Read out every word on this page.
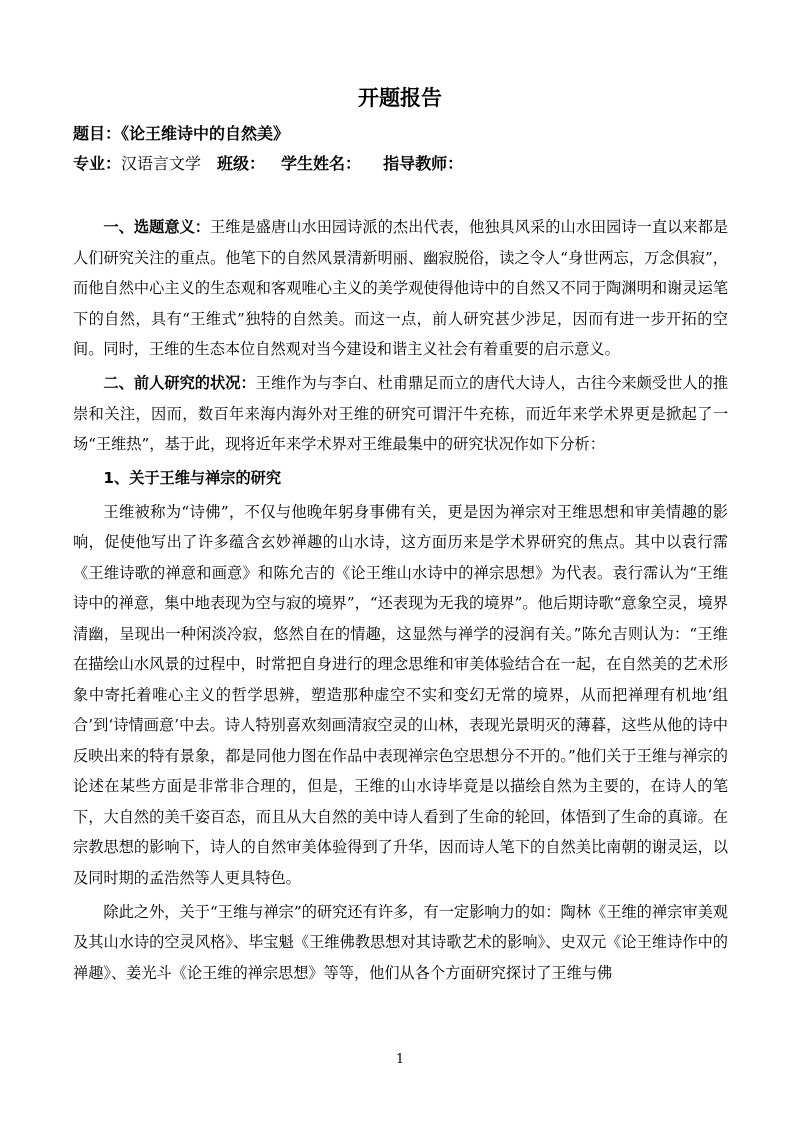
开题报告
题目：《论王维诗中的自然美》
专业：汉语言文学 班级： 学生姓名： 指导教师：

一、选题意义：王维是盛唐山水田园诗派的杰出代表，他独具风采的山水田园诗一直以来都是人们研究关注的重点。他笔下的自然风景清新明丽、幽寂脱俗，读之令人“身世两忘，万念俱寂”，而他自然中心主义的生态观和客观唯心主义的美学观使得他诗中的自然又不同于陶渊明和谢灵运笔下的自然，具有“王维式”独特的自然美。而这一点，前人研究甚少涉足，因而有进一步开拓的空间。同时，王维的生态本位自然观对当今建设和谐主义社会有着重要的启示意义。

二、前人研究的状况：王维作为与李白、杜甫鼎足而立的唐代大诗人，古往今来颇受世人的推崇和关注，因而，数百年来海内海外对王维的研究可谓汗牛充栋，而近年来学术界更是掀起了一场“王维热”，基于此，现将近年来学术界对王维最集中的研究状况作如下分析：

1、关于王维与禅宗的研究

王维被称为“诗佛”，不仅与他晚年躬身事佛有关，更是因为禅宗对王维思想和审美情趣的影响，促使他写出了许多蕴含玄妙禅趣的山水诗，这方面历来是学术界研究的焦点。其中以袁行霈《王维诗歌的禅意和画意》和陈允吉的《论王维山水诗中的禅宗思想》为代表。袁行霈认为“王维诗中的禅意，集中地表现为空与寂的境界”，“还表现为无我的境界”。他后期诗歌“意象空灵，境界清幽，呈现出一种闲淡冷寂，悠然自在的情趣，这显然与禅学的浸润有关。”陈允吉则认为：“王维在描绘山水风景的过程中，时常把自身进行的理念思维和审美体验结合在一起，在自然美的艺术形象中寄托着唯心主义的哲学思辨，塑造那种虚空不实和变幻无常的境界，从而把禅理有机地‘组合’到‘诗情画意’中去。诗人特别喜欢刻画清寂空灵的山林，表现光景明灭的薄暮，这些从他的诗中反映出来的特有景象，都是同他力图在作品中表现禅宗色空思想分不开的。”他们关于王维与禅宗的论述在某些方面是非常非合理的，但是，王维的山水诗毕竟是以描绘自然为主要的，在诗人的笔下，大自然的美千姿百态，而且从大自然的美中诗人看到了生命的轮回，体悟到了生命的真谛。在宗教思想的影响下，诗人的自然审美体验得到了升华，因而诗人笔下的自然美比南朝的谢灵运，以及同时期的孟浩然等人更具特色。

除此之外，关于“王维与禅宗”的研究还有许多，有一定影响力的如：陶林《王维的禅宗审美观及其山水诗的空灵风格》、毕宝魁《王维佛教思想对其诗歌艺术的影响》、史双元《论王维诗作中的禅趣》、姜光斗《论王维的禅宗思想》等等，他们从各个方面研究探讨了王维与佛

1
